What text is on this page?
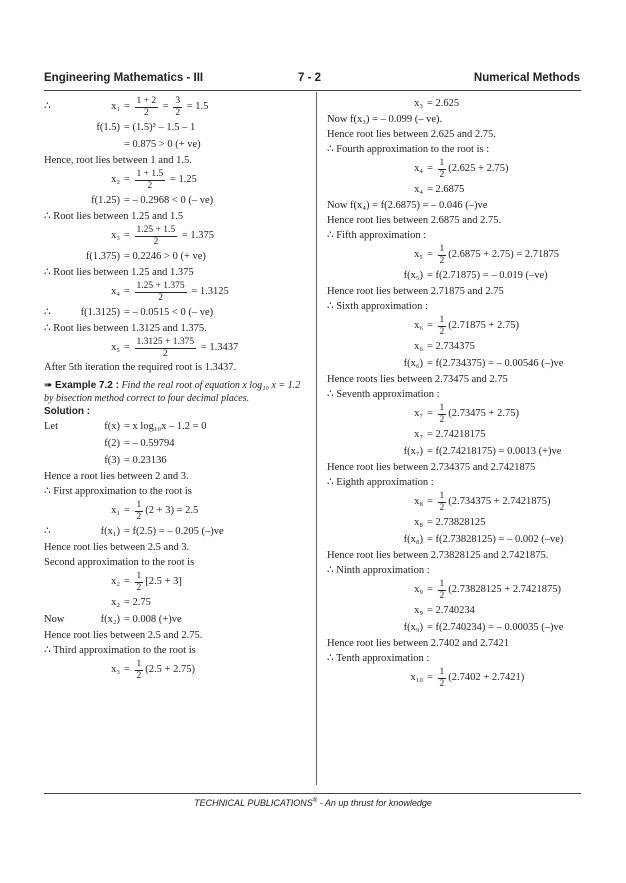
Engineering Mathematics - III	7 - 2	Numerical Methods
∴	$x_1 = \frac{1 + 2}{2} = \frac{3}{2}$
= 1.5
f(1.5) = (1.5)³ – 1.5 – 1
= 0.875 > 0 (+ ve)
Hence, root lies between 1 and 1.5.
$x_2 = \frac{1 + 1.5}{2}$
= 1.25
f(1.25) = – 0.2968 < 0 (– ve)
∴ Root lies between 1.25 and 1.5
$x_3 = \frac{1.25 + 1.5}{2}$
= 1.375
f(1.375) = 0.2246 > 0 (+ ve)
∴ Root lies between 1.25 and 1.375
$x_4 = \frac{1.25 + 1.375}{2}$
= 1.3125
∴	f(1.3125) = – 0.0515 < 0 (– ve)
∴ Root lies between 1.3125 and 1.375.
$x_5 = \frac{1.3125 + 1.375}{2}$
= 1.3437
After 5th iteration the required root is 1.3437.
➠ Example 7.2 : Find the real root of equation x log₁₀ x = 1.2 by bisection method correct to four decimal places.
Solution :
Let	f(x) = x log₁₀x – 1.2 = 0
f(2) = – 0.59794
f(3) = 0.23136
Hence a root lies between 2 and 3.
∴ First approximation to the root is
$x_1 = \frac{1}{2} (2 + 3) = 2.5$
∴	f(x₁) = f(2.5) = – 0.205 (–)ve
Hence root lies between 2.5 and 3.
Second approximation to the root is
$x_2 = \frac{1}{2} [2.5 + 3]$
x₂ = 2.75
Now	f(x₂) = 0.008 (+)ve
Hence root lies between 2.5 and 2.75.
∴ Third approximation to the root is
$x_3 = \frac{1}{2} (2.5 + 2.75)$
x₃ = 2.625
Now f(x₃) = – 0.099 (– ve).
Hence root lies between 2.625 and 2.75.
∴ Fourth approximation to the root is :
$x_4 = \frac{1}{2} (2.625 + 2.75)$
x₄ = 2.6875
Now f(x₄) = f(2.6875) = – 0.046 (–)ve
Hence root lies between 2.6875 and 2.75.
∴ Fifth approximation :
$x_5 = \frac{1}{2} (2.6875 + 2.75) = 2.71875$
f(x₅) = f(2.71875) = – 0.019 (–ve)
Hence root lies between 2.71875 and 2.75
∴ Sixth approximation :
$x_6 = \frac{1}{2} (2.71875 + 2.75)$
x₆ = 2.734375
f(x₆) = f(2.734375) = – 0.00546 (–)ve
Hence roots lies between 2.73475 and 2.75
∴ Seventh approximation :
$x_7 = \frac{1}{2} (2.73475 + 2.75)$
x₇ = 2.74218175
f(x₇) = f(2.74218175) = 0.0013 (+)ve
Hence root lies between 2.734375 and 2.7421875
∴ Eighth approximation :
$x_8 = \frac{1}{2} (2.734375 + 2.7421875)$
x₈ = 2.73828125
f(x₈) = f(2.73828125) = – 0.002 (–ve)
Hence root lies between 2.73828125 and 2.7421875.
∴ Ninth approximation :
$x_9 = \frac{1}{2} (2.73828125 + 2.7421875)$
x₉ = 2.740234
f(x₉) = f(2.740234) = – 0.00035 (–)ve
Hence root lies between 2.7402 and 2.7421
∴ Tenth approximation :
$x_{10} = \frac{1}{2} (2.7402 + 2.7421)$
TECHNICAL PUBLICATIONS® - An up thrust for knowledge
